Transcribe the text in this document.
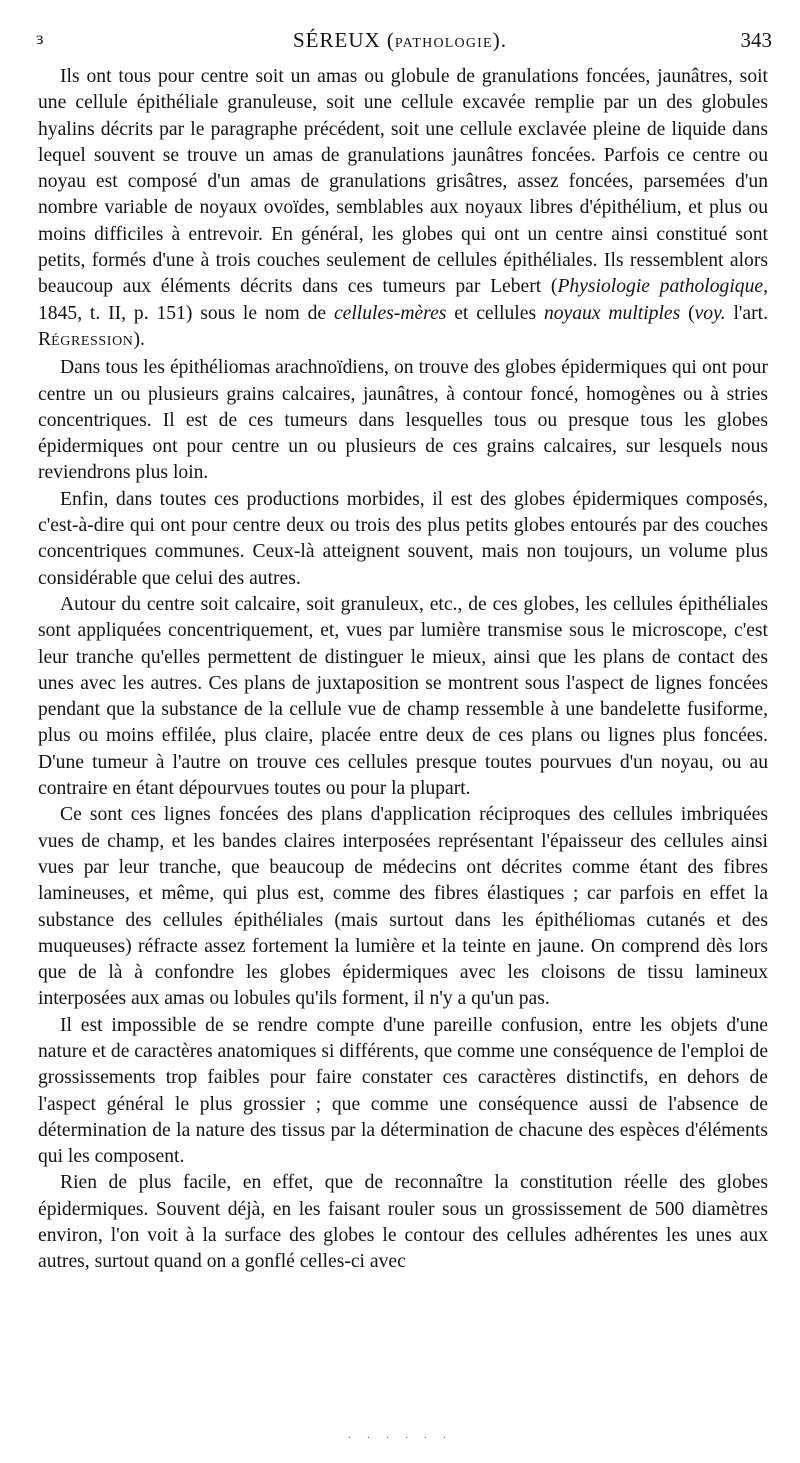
ɜ	SÉREUX (PATHOLOGIE).	343

Ils ont tous pour centre soit un amas ou globule de granulations foncées, jaunâtres, soit une cellule épithéliale granuleuse, soit une cellule excavée remplie par un des globules hyalins décrits par le paragraphe précédent, soit une cellule exclavée pleine de liquide dans lequel souvent se trouve un amas de granulations jaunâtres foncées. Parfois ce centre ou noyau est composé d'un amas de granulations grisâtres, assez foncées, parsemées d'un nombre variable de noyaux ovoïdes, semblables aux noyaux libres d'épithélium, et plus ou moins difficiles à entrevoir. En général, les globes qui ont un centre ainsi constitué sont petits, formés d'une à trois couches seulement de cellules épithéliales. Ils ressemblent alors beaucoup aux éléments décrits dans ces tumeurs par Lebert (Physiologie pathologique, 1845, t. II, p. 151) sous le nom de cellules-mères et cellules noyaux multiples (voy. l'art. RÉGRESSION).

Dans tous les épithéliomas arachnoïdiens, on trouve des globes épidermiques qui ont pour centre un ou plusieurs grains calcaires, jaunâtres, à contour foncé, homogènes ou à stries concentriques. Il est de ces tumeurs dans lesquelles tous ou presque tous les globes épidermiques ont pour centre un ou plusieurs de ces grains calcaires, sur lesquels nous reviendrons plus loin.

Enfin, dans toutes ces productions morbides, il est des globes épidermiques composés, c'est-à-dire qui ont pour centre deux ou trois des plus petits globes entourés par des couches concentriques communes. Ceux-là atteignent souvent, mais non toujours, un volume plus considérable que celui des autres.

Autour du centre soit calcaire, soit granuleux, etc., de ces globes, les cellules épithéliales sont appliquées concentriquement, et, vues par lumière transmise sous le microscope, c'est leur tranche qu'elles permettent de distinguer le mieux, ainsi que les plans de contact des unes avec les autres. Ces plans de juxtaposition se montrent sous l'aspect de lignes foncées pendant que la substance de la cellule vue de champ ressemble à une bandelette fusiforme, plus ou moins effilée, plus claire, placée entre deux de ces plans ou lignes plus foncées. D'une tumeur à l'autre on trouve ces cellules presque toutes pourvues d'un noyau, ou au contraire en étant dépourvues toutes ou pour la plupart.

Ce sont ces lignes foncées des plans d'application réciproques des cellules imbriquées vues de champ, et les bandes claires interposées représentant l'épaisseur des cellules ainsi vues par leur tranche, que beaucoup de médecins ont décrites comme étant des fibres lamineuses, et même, qui plus est, comme des fibres élastiques ; car parfois en effet la substance des cellules épithéliales (mais surtout dans les épithéliomas cutanés et des muqueuses) réfracte assez fortement la lumière et la teinte en jaune. On comprend dès lors que de là à confondre les globes épidermiques avec les cloisons de tissu lamineux interposées aux amas ou lobules qu'ils forment, il n'y a qu'un pas.

Il est impossible de se rendre compte d'une pareille confusion, entre les objets d'une nature et de caractères anatomiques si différents, que comme une conséquence de l'emploi de grossissements trop faibles pour faire constater ces caractères distinctifs, en dehors de l'aspect général le plus grossier ; que comme une conséquence aussi de l'absence de détermination de la nature des tissus par la détermination de chacune des espèces d'éléments qui les composent.

Rien de plus facile, en effet, que de reconnaître la constitution réelle des globes épidermiques. Souvent déjà, en les faisant rouler sous un grossissement de 500 diamètres environ, l'on voit à la surface des globes le contour des cellules adhérentes les unes aux autres, surtout quand on a gonflé celles-ci avec

· · · · · ·
